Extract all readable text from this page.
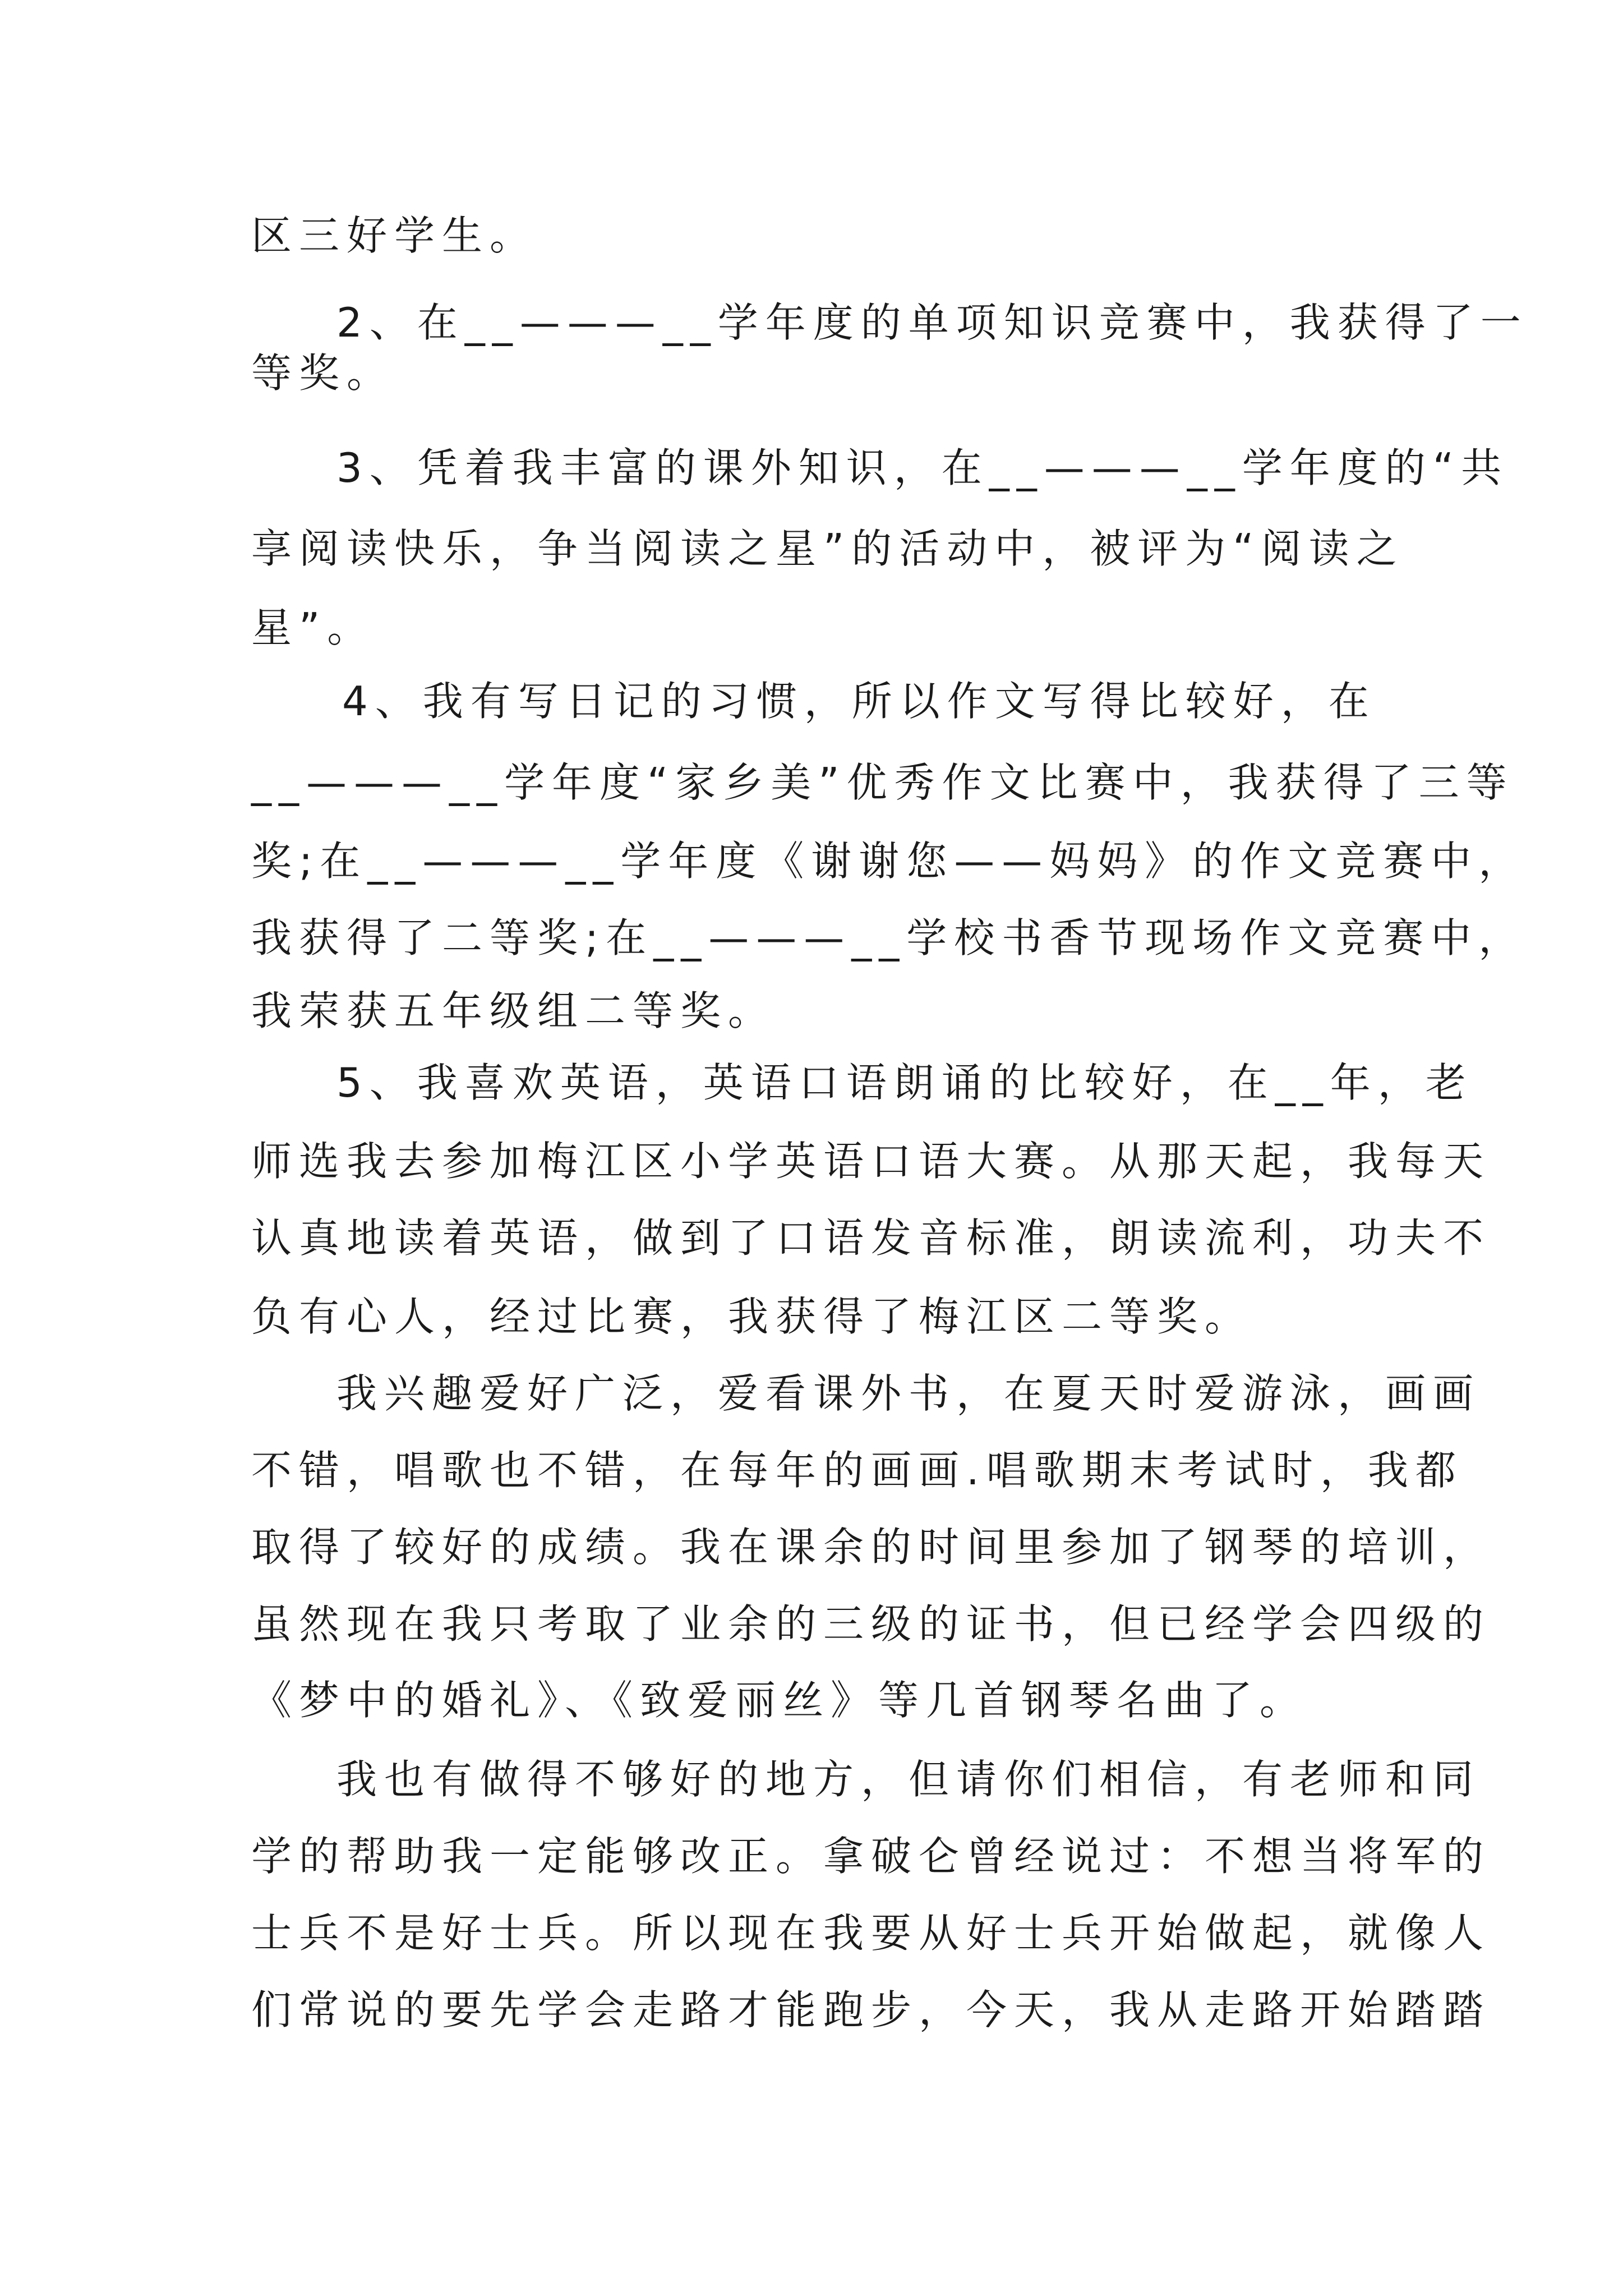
区三好学生。
2、在__———__学年度的单项知识竞赛中，我获得了一
等奖。
3、凭着我丰富的课外知识，在__———__学年度的“共
享阅读快乐，争当阅读之星”的活动中，被评为“阅读之
星”。
4、我有写日记的习惯，所以作文写得比较好，在
__———__学年度“家乡美”优秀作文比赛中，我获得了三等
奖;在__———__学年度《谢谢您——妈妈》的作文竞赛中，
我获得了二等奖;在__———__学校书香节现场作文竞赛中，
我荣获五年级组二等奖。
5、我喜欢英语，英语口语朗诵的比较好，在__年，老
师选我去参加梅江区小学英语口语大赛。从那天起，我每天
认真地读着英语，做到了口语发音标准，朗读流利，功夫不
负有心人，经过比赛，我获得了梅江区二等奖。
我兴趣爱好广泛，爱看课外书，在夏天时爱游泳，画画
不错，唱歌也不错，在每年的画画.唱歌期末考试时，我都
取得了较好的成绩。我在课余的时间里参加了钢琴的培训，
虽然现在我只考取了业余的三级的证书，但已经学会四级的
《梦中的婚礼》、《致爱丽丝》等几首钢琴名曲了。
我也有做得不够好的地方，但请你们相信，有老师和同
学的帮助我一定能够改正。拿破仑曾经说过：不想当将军的
士兵不是好士兵。所以现在我要从好士兵开始做起，就像人
们常说的要先学会走路才能跑步，今天，我从走路开始踏踏
